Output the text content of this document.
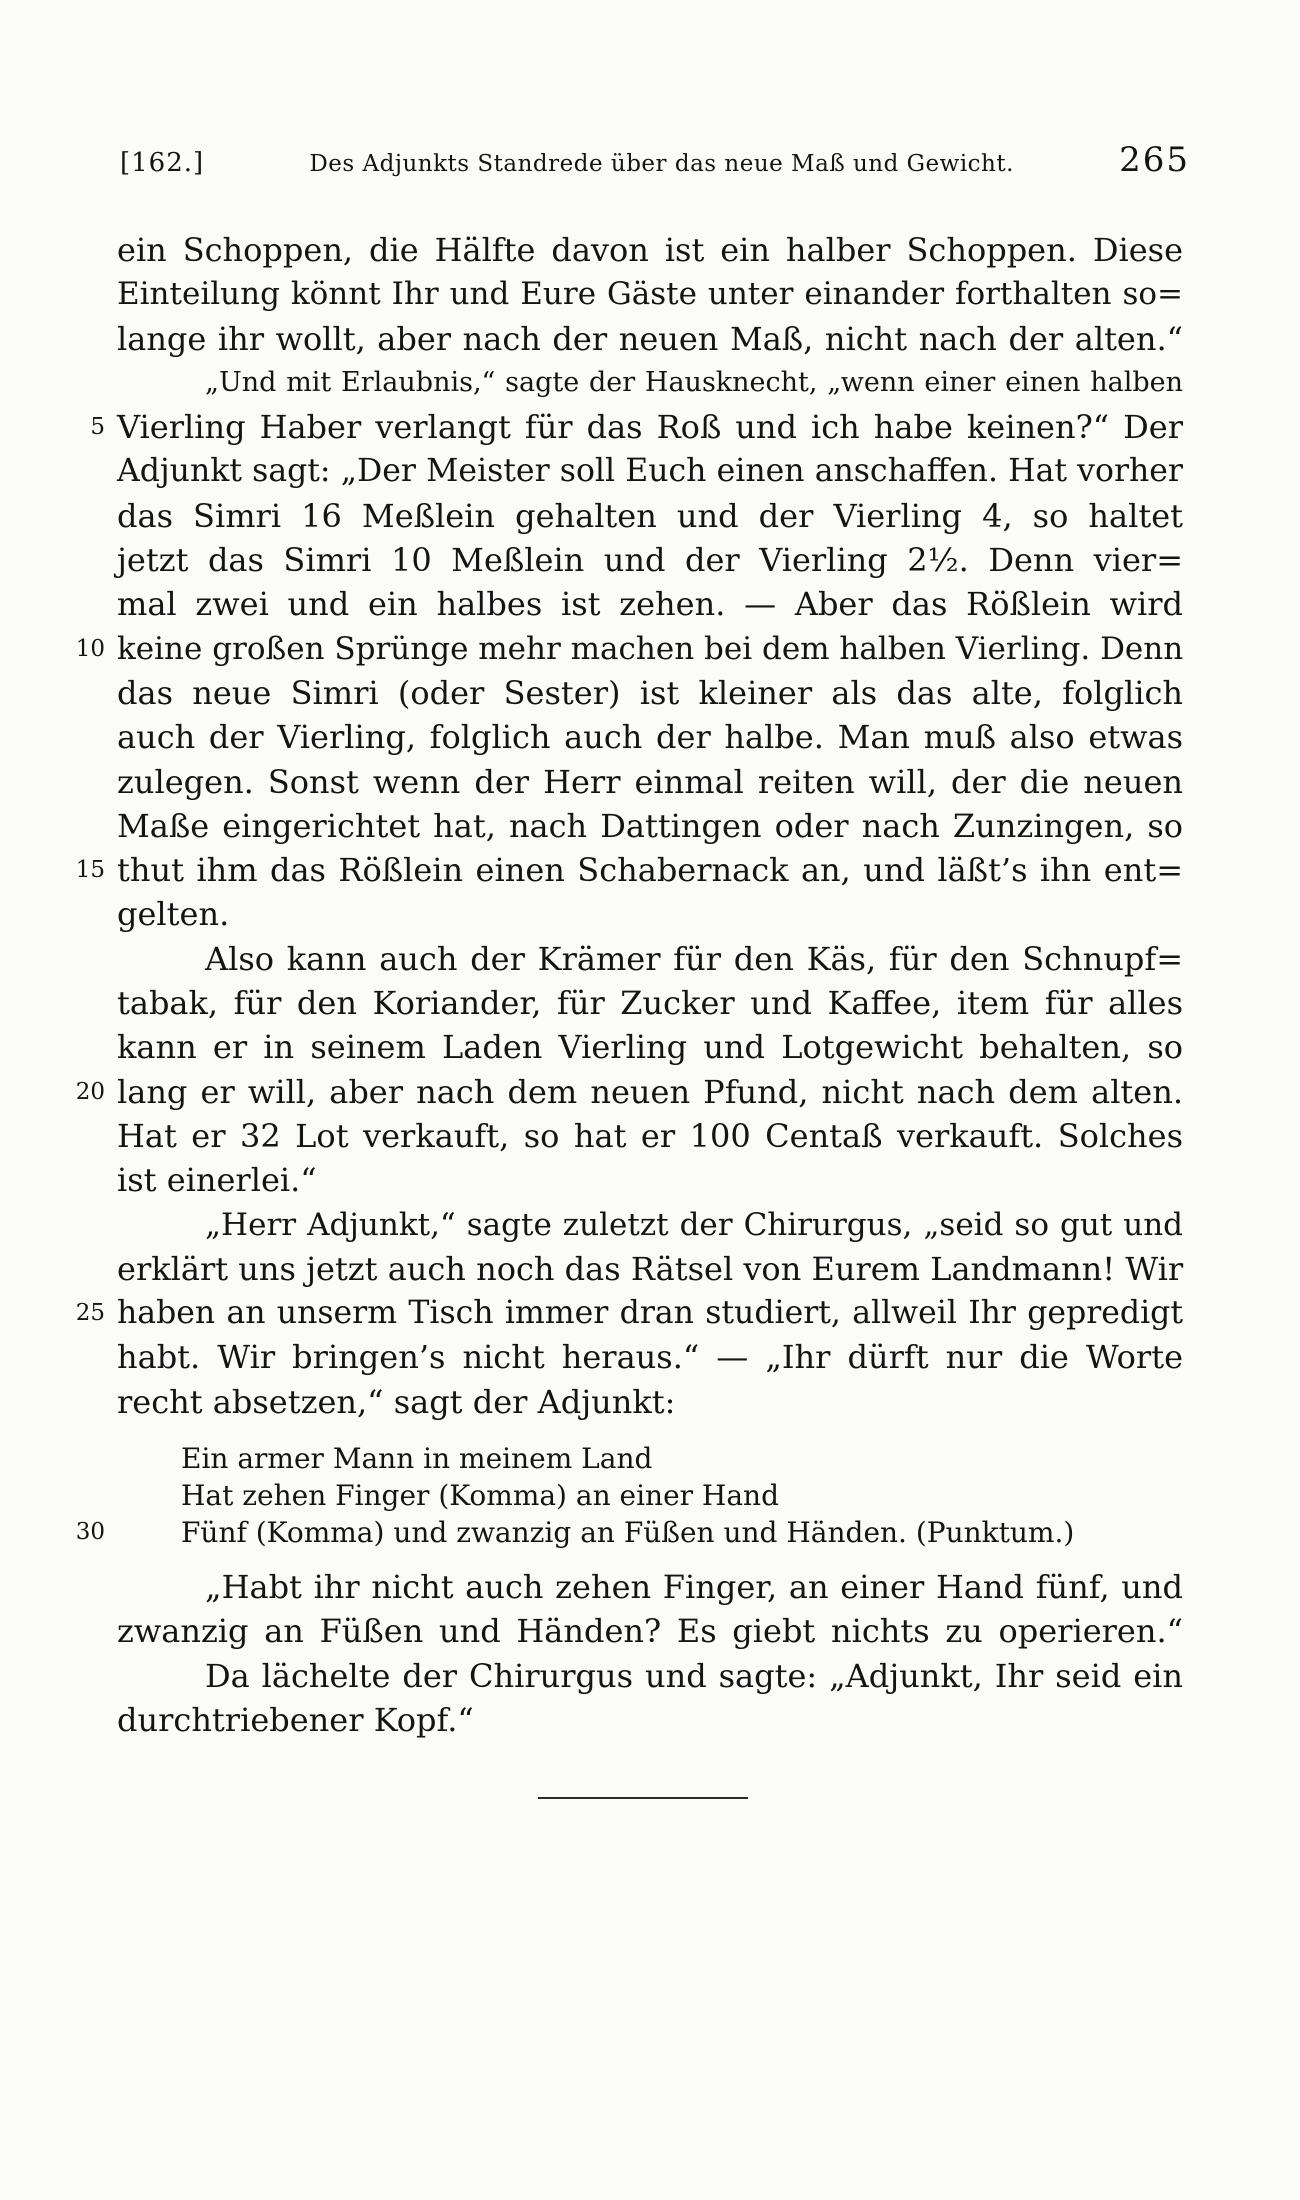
[162.]	Des Adjunkts Standrede über das neue Maß und Gewicht.	265
ein Schoppen, die Hälfte davon ist ein halber Schoppen. Diese
Einteilung könnt Ihr und Eure Gäste unter einander forthalten so=
lange ihr wollt, aber nach der neuen Maß, nicht nach der alten.“
„Und mit Erlaubnis,“ sagte der Hausknecht, „wenn einer einen halben
5 Vierling Haber verlangt für das Roß und ich habe keinen?“ Der
Adjunkt sagt: „Der Meister soll Euch einen anschaffen. Hat vorher
das Simri 16 Meßlein gehalten und der Vierling 4, so haltet
jetzt das Simri 10 Meßlein und der Vierling 2½. Denn vier=
mal zwei und ein halbes ist zehen. — Aber das Rößlein wird
10 keine großen Sprünge mehr machen bei dem halben Vierling. Denn
das neue Simri (oder Sester) ist kleiner als das alte, folglich
auch der Vierling, folglich auch der halbe. Man muß also etwas
zulegen. Sonst wenn der Herr einmal reiten will, der die neuen
Maße eingerichtet hat, nach Dattingen oder nach Zunzingen, so
15 thut ihm das Rößlein einen Schabernack an, und läßt’s ihn ent=
gelten.
Also kann auch der Krämer für den Käs, für den Schnupf=
tabak, für den Koriander, für Zucker und Kaffee, item für alles
kann er in seinem Laden Vierling und Lotgewicht behalten, so
20 lang er will, aber nach dem neuen Pfund, nicht nach dem alten.
Hat er 32 Lot verkauft, so hat er 100 Centaß verkauft. Solches
ist einerlei.“
„Herr Adjunkt,“ sagte zuletzt der Chirurgus, „seid so gut und
erklärt uns jetzt auch noch das Rätsel von Eurem Landmann! Wir
25 haben an unserm Tisch immer dran studiert, allweil Ihr gepredigt
habt. Wir bringen’s nicht heraus.“ — „Ihr dürft nur die Worte
recht absetzen,“ sagt der Adjunkt:
Ein armer Mann in meinem Land
Hat zehen Finger (Komma) an einer Hand
30	Fünf (Komma) und zwanzig an Füßen und Händen. (Punktum.)
„Habt ihr nicht auch zehen Finger, an einer Hand fünf, und
zwanzig an Füßen und Händen? Es giebt nichts zu operieren.“
Da lächelte der Chirurgus und sagte: „Adjunkt, Ihr seid ein
durchtriebener Kopf.“
